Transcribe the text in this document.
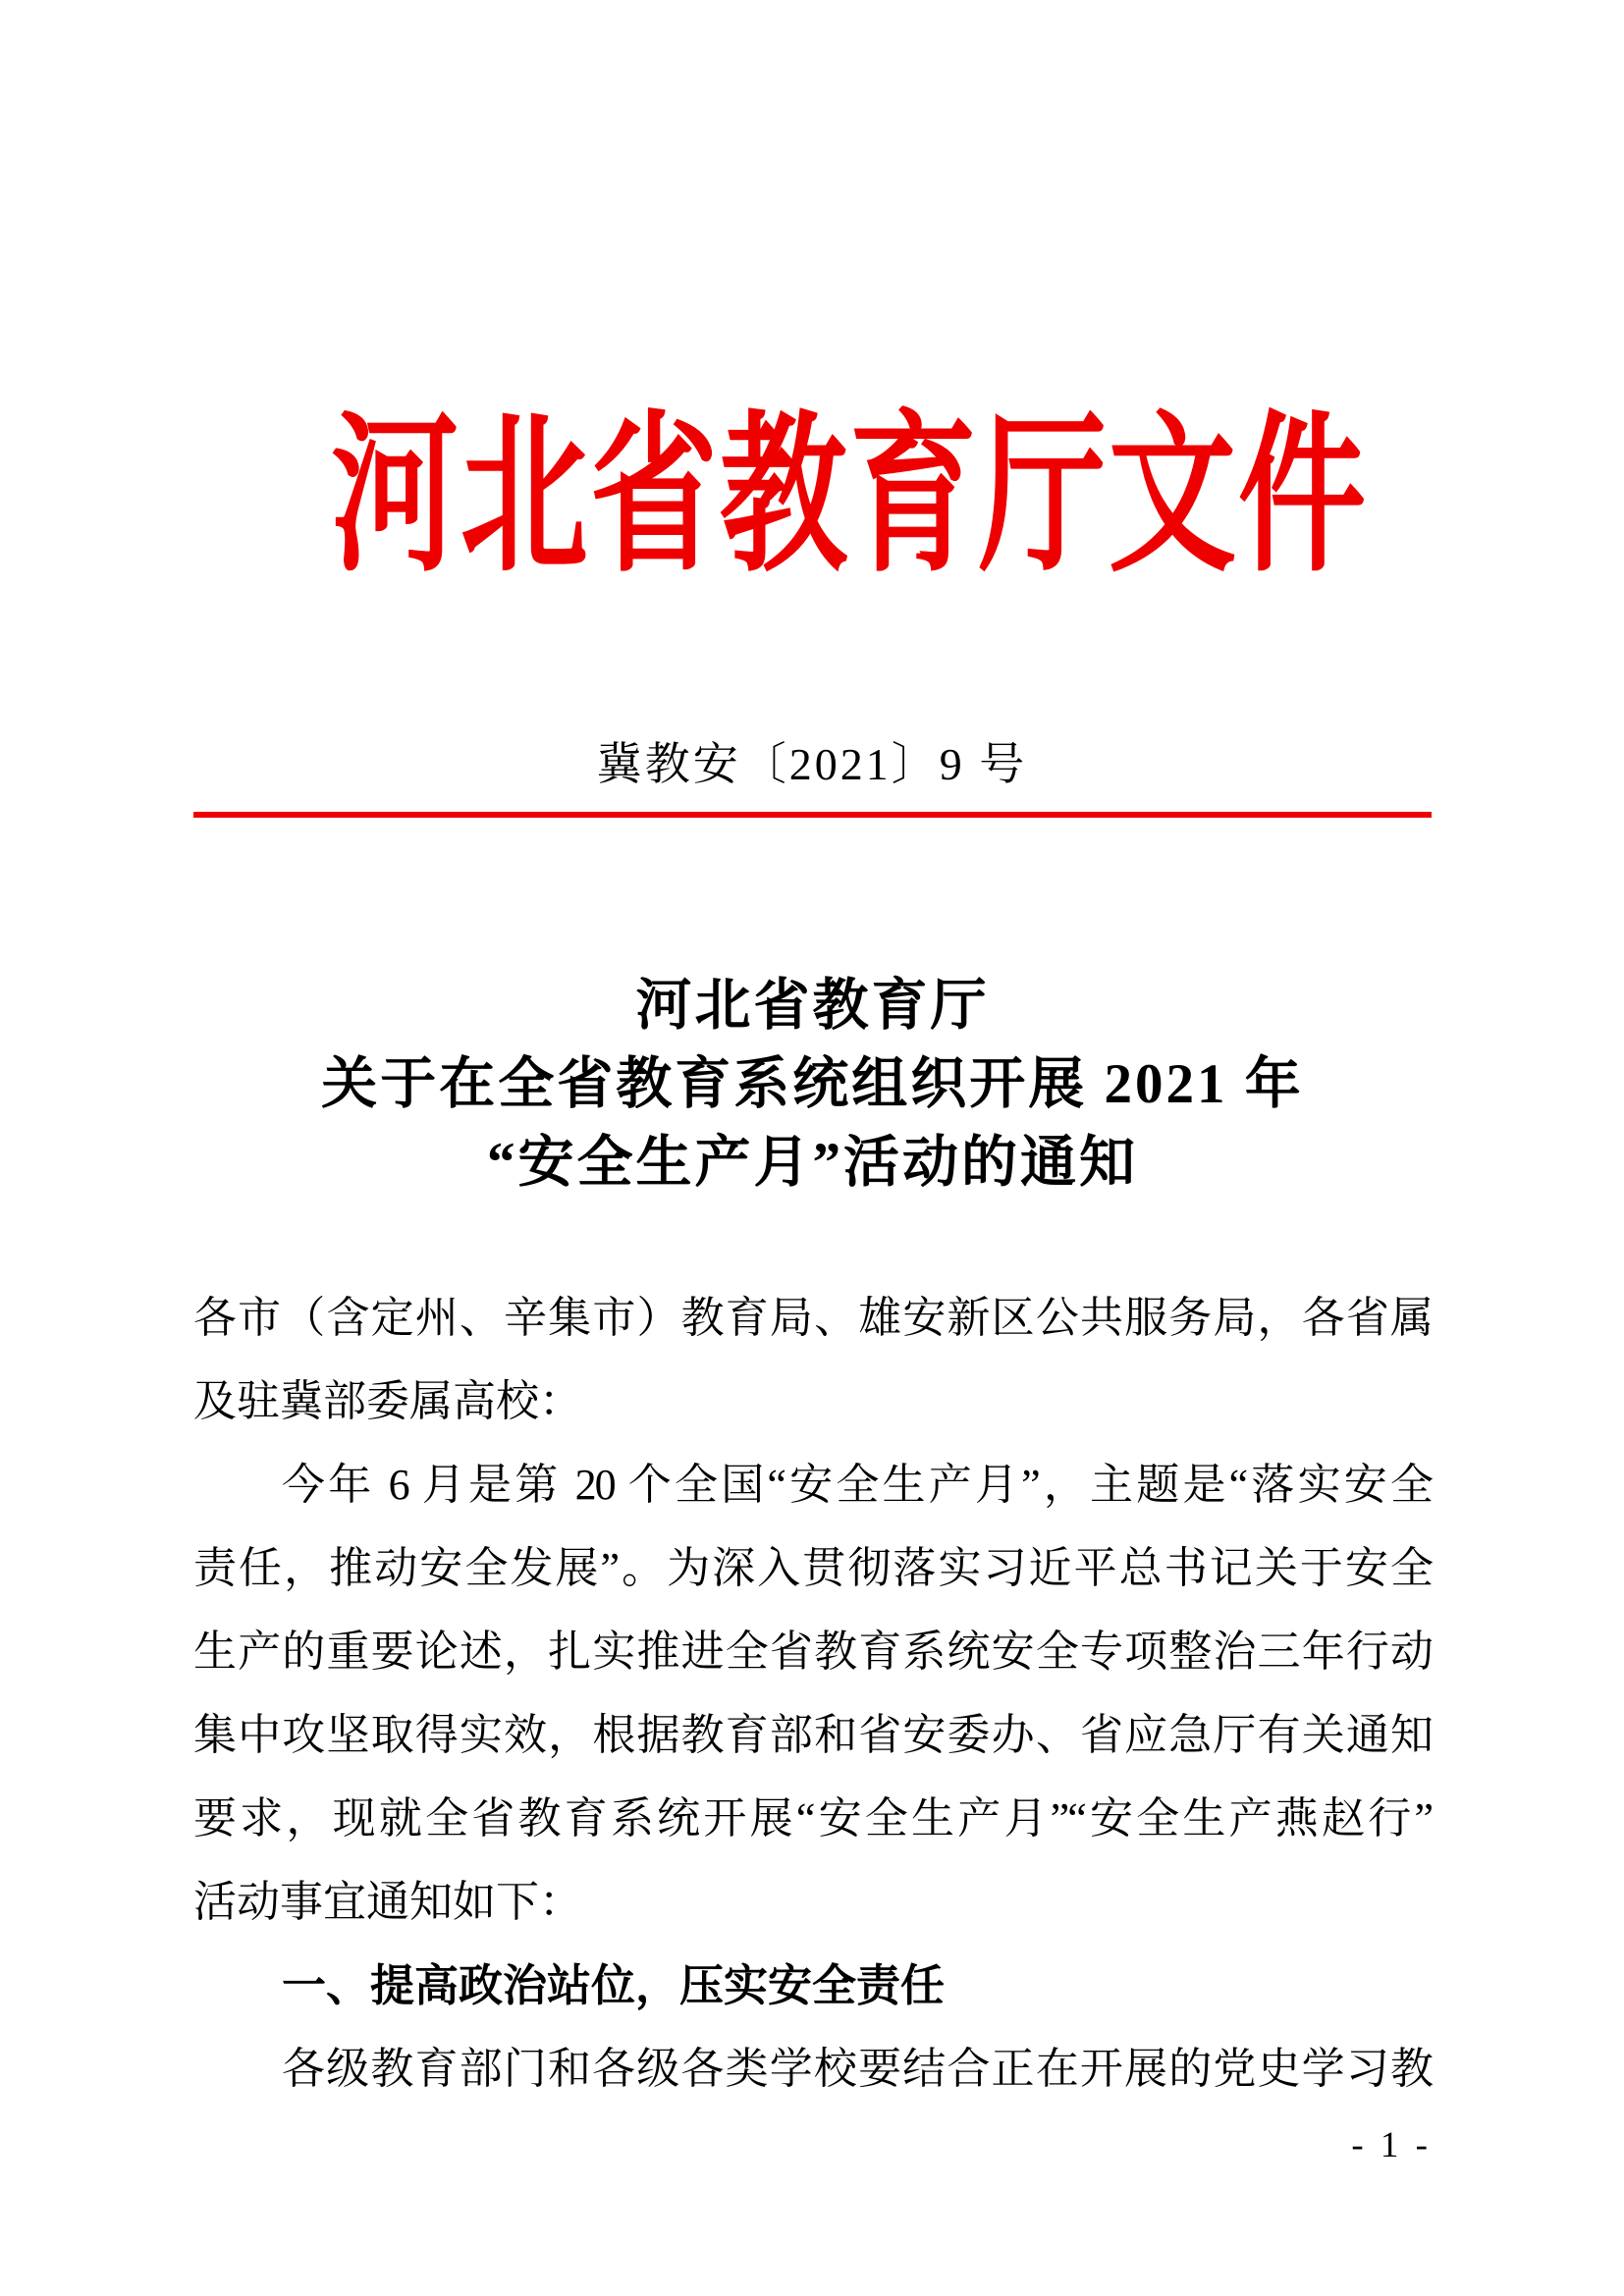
河北省教育厅文件
冀教安〔2021〕9 号
河北省教育厅
关于在全省教育系统组织开展 2021 年
“安全生产月”活动的通知
各市（含定州、辛集市）教育局、雄安新区公共服务局，各省属
及驻冀部委属高校：
今年 6 月是第 20 个全国“安全生产月”，主题是“落实安全
责任，推动安全发展”。为深入贯彻落实习近平总书记关于安全
生产的重要论述，扎实推进全省教育系统安全专项整治三年行动
集中攻坚取得实效，根据教育部和省安委办、省应急厅有关通知
要求，现就全省教育系统开展“安全生产月”“安全生产燕赵行”
活动事宜通知如下：
一、提高政治站位，压实安全责任
各级教育部门和各级各类学校要结合正在开展的党史学习教
- 1 -
